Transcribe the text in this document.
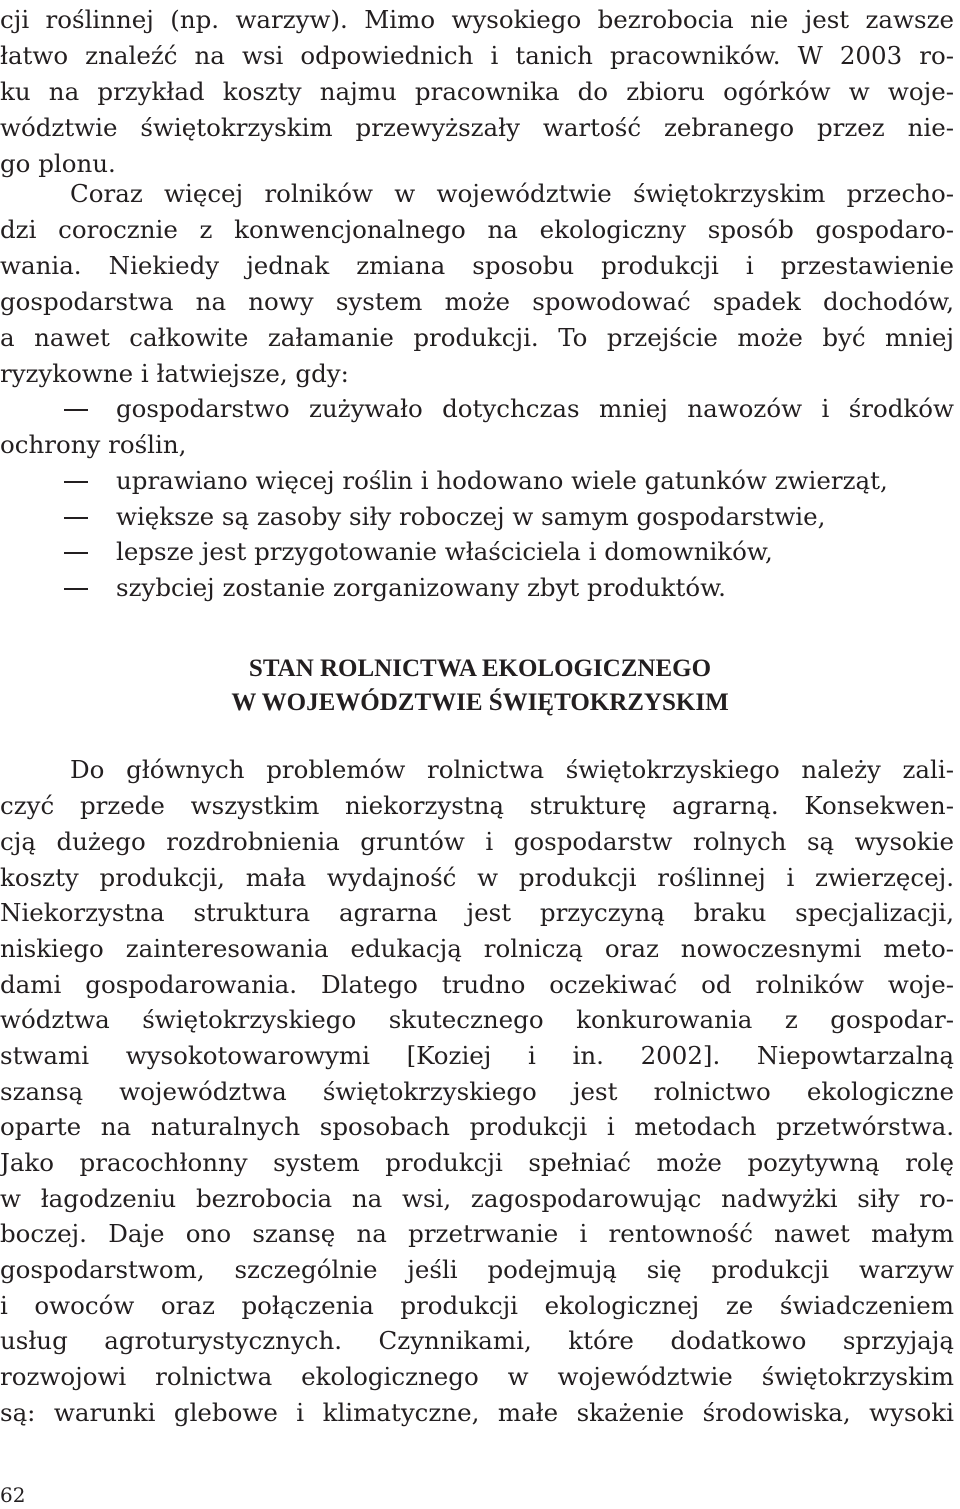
cji roślinnej (np. warzyw). Mimo wysokiego bezrobocia nie jest zawsze
łatwo znaleźć na wsi odpowiednich i tanich pracowników. W 2003 ro-
ku na przykład koszty najmu pracownika do zbioru ogórków w woje-
wództwie świętokrzyskim przewyższały wartość zebranego przez nie-
go plonu.
Coraz więcej rolników w województwie świętokrzyskim przecho-
dzi corocznie z konwencjonalnego na ekologiczny sposób gospodaro-
wania. Niekiedy jednak zmiana sposobu produkcji i przestawienie
gospodarstwa na nowy system może spowodować spadek dochodów,
a nawet całkowite załamanie produkcji. To przejście może być mniej
ryzykowne i łatwiejsze, gdy:
gospodarstwo zużywało dotychczas mniej nawozów i środków
ochrony roślin,
uprawiano więcej roślin i hodowano wiele gatunków zwierząt,
większe są zasoby siły roboczej w samym gospodarstwie,
lepsze jest przygotowanie właściciela i domowników,
szybciej zostanie zorganizowany zbyt produktów.
STAN ROLNICTWA EKOLOGICZNEGO
W WOJEWÓDZTWIE ŚWIĘTOKRZYSKIM
Do głównych problemów rolnictwa świętokrzyskiego należy zali-
czyć przede wszystkim niekorzystną strukturę agrarną. Konsekwen-
cją dużego rozdrobnienia gruntów i gospodarstw rolnych są wysokie
koszty produkcji, mała wydajność w produkcji roślinnej i zwierzęcej.
Niekorzystna struktura agrarna jest przyczyną braku specjalizacji,
niskiego zainteresowania edukacją rolniczą oraz nowoczesnymi meto-
dami gospodarowania. Dlatego trudno oczekiwać od rolników woje-
wództwa świętokrzyskiego skutecznego konkurowania z gospodar-
stwami wysokotowarowymi [Koziej i in. 2002]. Niepowtarzalną
szansą województwa świętokrzyskiego jest rolnictwo ekologiczne
oparte na naturalnych sposobach produkcji i metodach przetwórstwa.
Jako pracochłonny system produkcji spełniać może pozytywną rolę
w łagodzeniu bezrobocia na wsi, zagospodarowując nadwyżki siły ro-
boczej. Daje ono szansę na przetrwanie i rentowność nawet małym
gospodarstwom, szczególnie jeśli podejmują się produkcji warzyw
i owoców oraz połączenia produkcji ekologicznej ze świadczeniem
usług agroturystycznych. Czynnikami, które dodatkowo sprzyjają
rozwojowi rolnictwa ekologicznego w województwie świętokrzyskim
są: warunki glebowe i klimatyczne, małe skażenie środowiska, wysoki
62
